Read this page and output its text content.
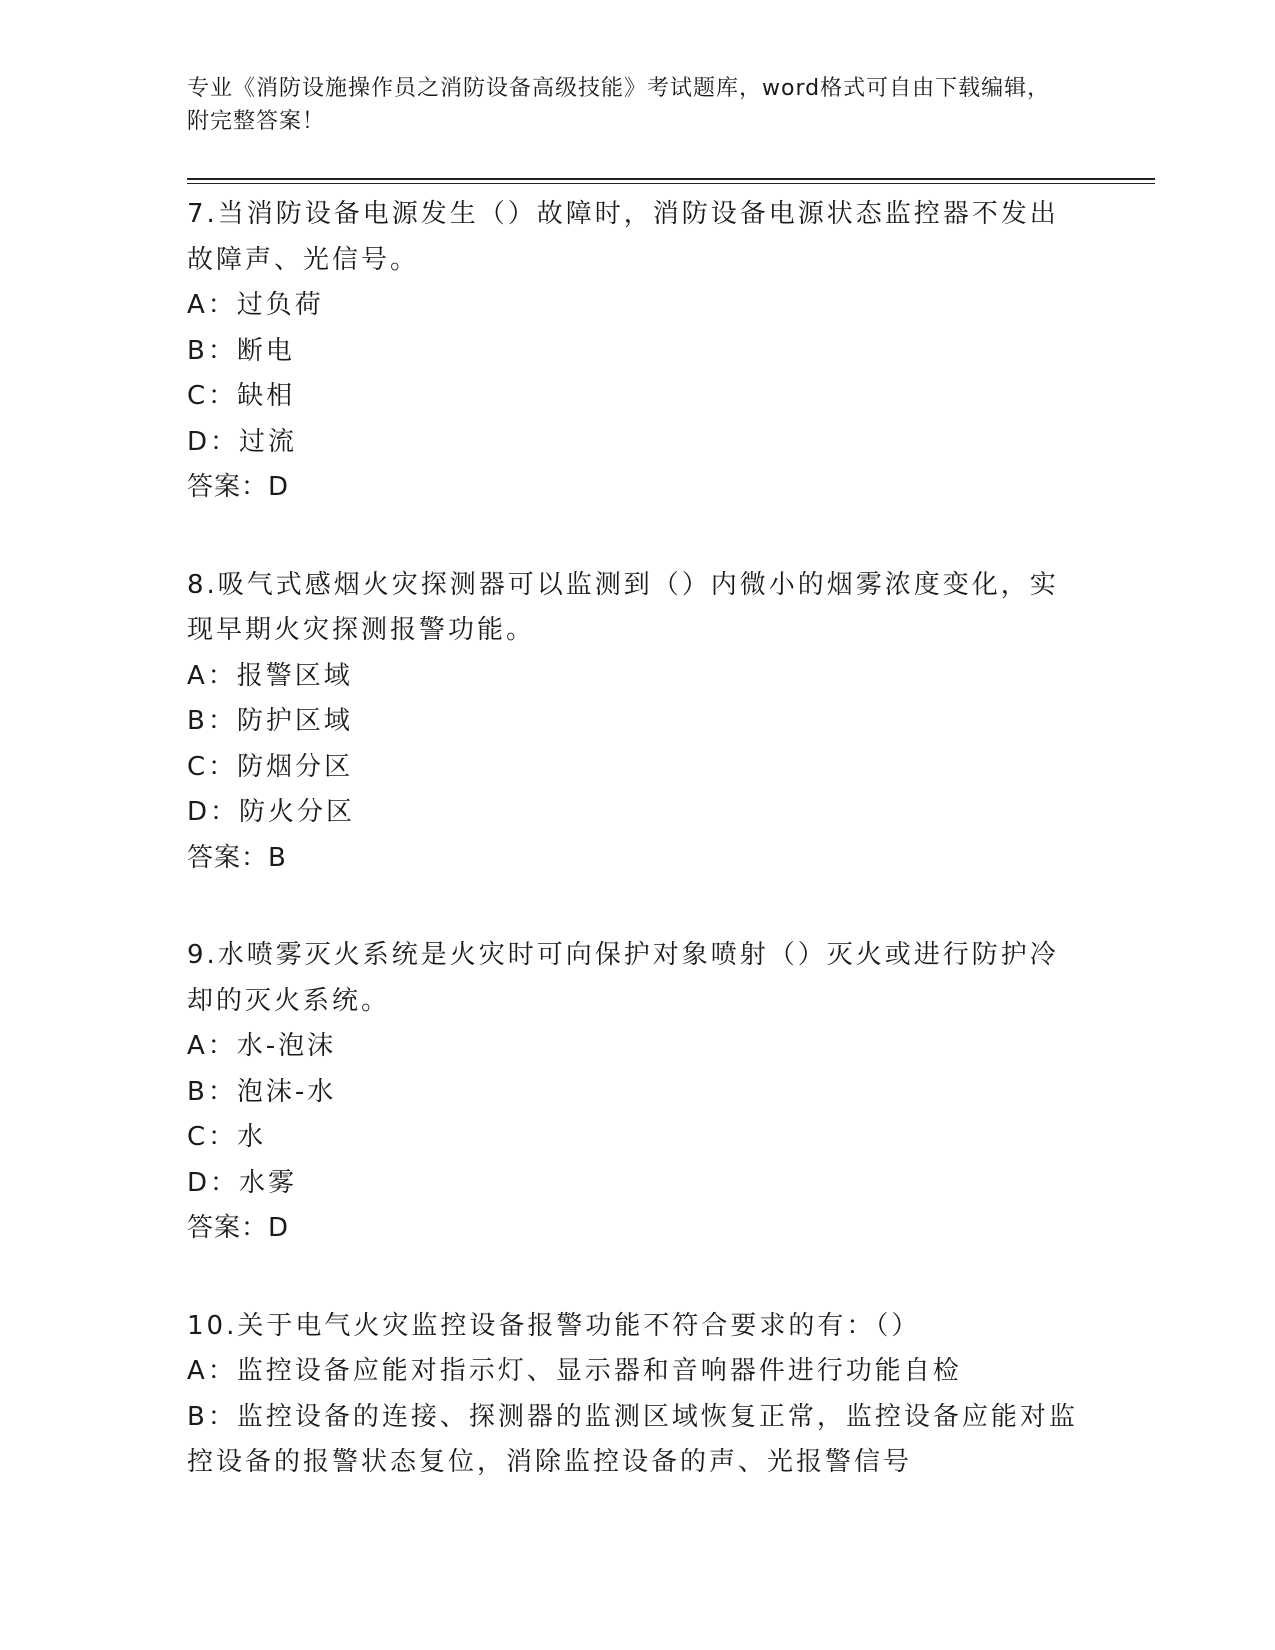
专业《消防设施操作员之消防设备高级技能》考试题库，word格式可自由下载编辑，附完整答案！

7.当消防设备电源发生（）故障时，消防设备电源状态监控器不发出故障声、光信号。

A：过负荷

B：断电

C：缺相

D：过流

答案：D

8.吸气式感烟火灾探测器可以监测到（）内微小的烟雾浓度变化，实现早期火灾探测报警功能。

A：报警区域

B：防护区域

C：防烟分区

D：防火分区

答案：B

9.水喷雾灭火系统是火灾时可向保护对象喷射（）灭火或进行防护冷却的灭火系统。

A：水-泡沫

B：泡沫-水

C：水

D：水雾

答案：D

10.关于电气火灾监控设备报警功能不符合要求的有：（）

A：监控设备应能对指示灯、显示器和音响器件进行功能自检

B：监控设备的连接、探测器的监测区域恢复正常，监控设备应能对监控设备的报警状态复位，消除监控设备的声、光报警信号
